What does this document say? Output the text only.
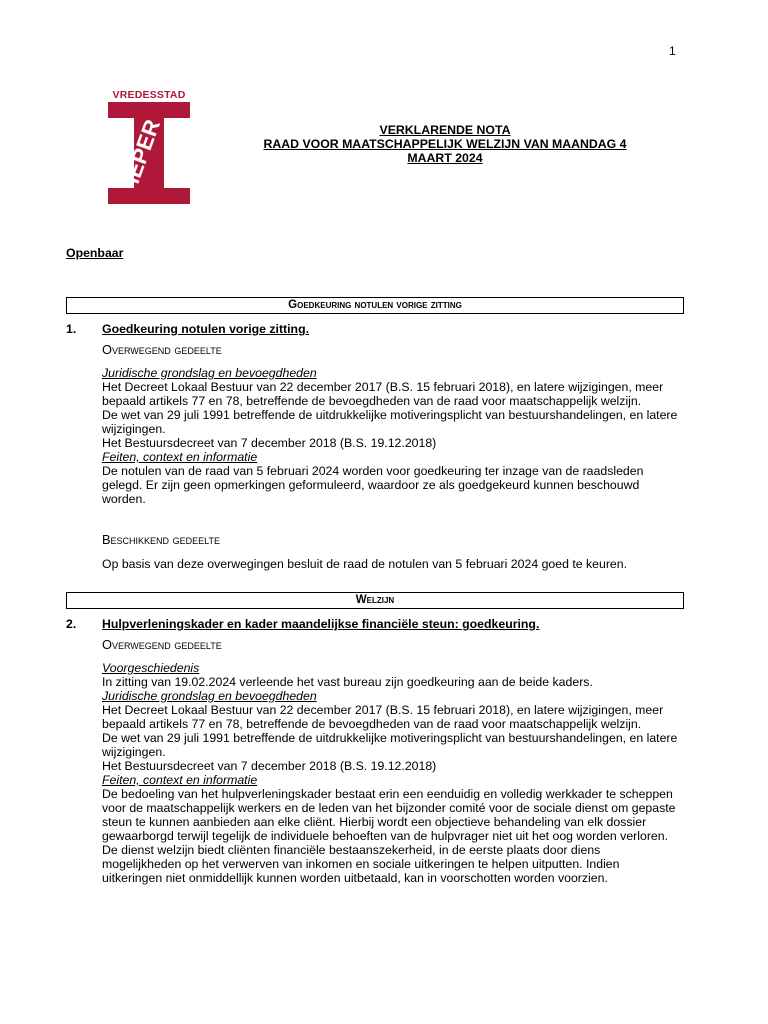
1
VREDESSTAD
IEPER	VERKLARENDE NOTA
RAAD VOOR MAATSCHAPPELIJK WELZIJN VAN MAANDAG 4
MAART 2024
Openbaar
Goedkeuring notulen vorige zitting
1. Goedkeuring notulen vorige zitting.

Overwegend gedeelte

Juridische grondslag en bevoegdheden

Het Decreet Lokaal Bestuur van 22 december 2017 (B.S. 15 februari 2018), en latere wijzigingen, meer bepaald artikels 77 en 78, betreffende de bevoegdheden van de raad voor maatschappelijk welzijn.

De wet van 29 juli 1991 betreffende de uitdrukkelijke motiveringsplicht van bestuurshandelingen, en latere wijzigingen.

Het Bestuursdecreet van 7 december 2018 (B.S. 19.12.2018)

Feiten, context en informatie

De notulen van de raad van 5 februari 2024 worden voor goedkeuring ter inzage van de raadsleden gelegd. Er zijn geen opmerkingen geformuleerd, waardoor ze als goedgekeurd kunnen beschouwd worden.

Beschikkend gedeelte

Op basis van deze overwegingen besluit de raad de notulen van 5 februari 2024 goed te keuren.

Welzijn
2. Hulpverleningskader en kader maandelijkse financiële steun: goedkeuring.

Overwegend gedeelte

Voorgeschiedenis

In zitting van 19.02.2024 verleende het vast bureau zijn goedkeuring aan de beide kaders.

Juridische grondslag en bevoegdheden

Het Decreet Lokaal Bestuur van 22 december 2017 (B.S. 15 februari 2018), en latere wijzigingen, meer bepaald artikels 77 en 78, betreffende de bevoegdheden van de raad voor maatschappelijk welzijn.

De wet van 29 juli 1991 betreffende de uitdrukkelijke motiveringsplicht van bestuurshandelingen, en latere wijzigingen.

Het Bestuursdecreet van 7 december 2018 (B.S. 19.12.2018)

Feiten, context en informatie

De bedoeling van het hulpverleningskader bestaat erin een eenduidig en volledig werkkader te scheppen voor de maatschappelijk werkers en de leden van het bijzonder comité voor de sociale dienst om gepaste steun te kunnen aanbieden aan elke cliënt. Hierbij wordt een objectieve behandeling van elk dossier gewaarborgd terwijl tegelijk de individuele behoeften van de hulpvrager niet uit het oog worden verloren.

De dienst welzijn biedt cliënten financiële bestaanszekerheid, in de eerste plaats door diens mogelijkheden op het verwerven van inkomen en sociale uitkeringen te helpen uitputten. Indien uitkeringen niet onmiddellijk kunnen worden uitbetaald, kan in voorschotten worden voorzien.
